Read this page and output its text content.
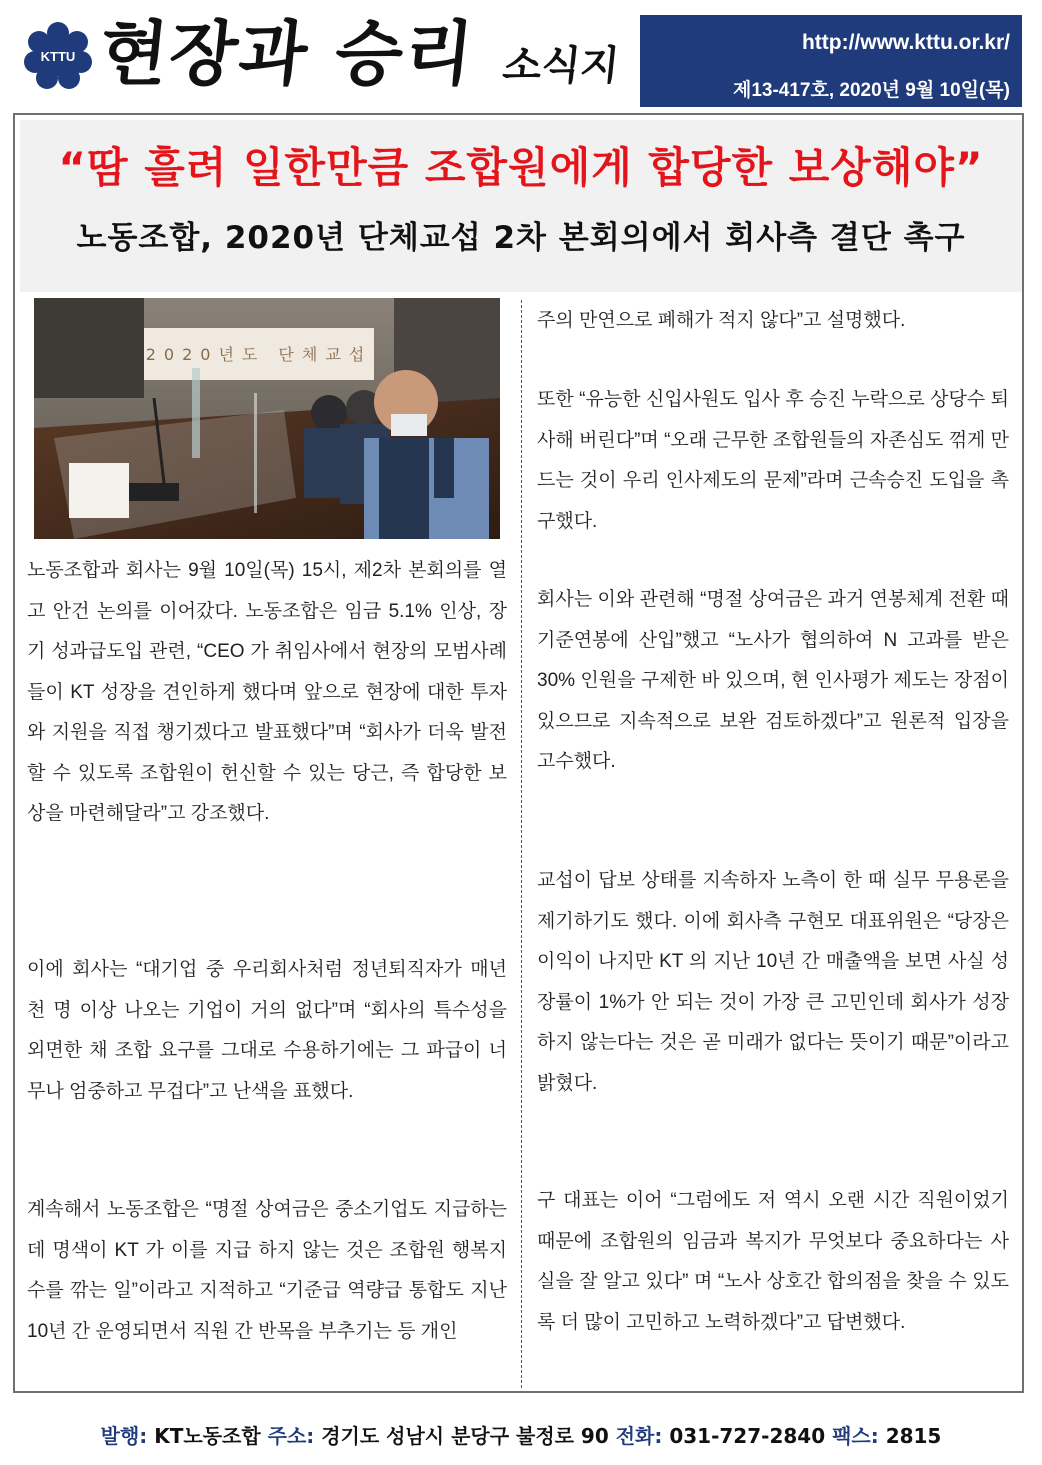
KTTU 현장과 승리 소식지	http://www.kttu.or.kr/
제13-417호, 2020년 9월 10일(목)
“땀 흘려 일한만큼 조합원에게 합당한 보상해야”
노동조합, 2020년 단체교섭 2차 본회의에서 회사측 결단 촉구
2020년도 단체교섭

노동조합과 회사는 9월 10일(목) 15시, 제2차 본회의를 열고 안건 논의를 이어갔다. 노동조합은 임금 5.1% 인상, 장기 성과급도입 관련, “CEO 가 취임사에서 현장의 모범사례들이 KT 성장을 견인하게 했다며 앞으로 현장에 대한 투자와 지원을 직접 챙기겠다고 발표했다”며 “회사가 더욱 발전할 수 있도록 조합원이 헌신할 수 있는 당근, 즉 합당한 보상을 마련해달라”고 강조했다.

이에 회사는 “대기업 중 우리회사처럼 정년퇴직자가 매년 천 명 이상 나오는 기업이 거의 없다”며 “회사의 특수성을 외면한 채 조합 요구를 그대로 수용하기에는 그 파급이 너무나 엄중하고 무겁다”고 난색을 표했다.

계속해서 노동조합은 “명절 상여금은 중소기업도 지급하는데 명색이 KT 가 이를 지급 하지 않는 것은 조합원 행복지수를 깎는 일”이라고 지적하고 “기준급 역량급 통합도 지난 10년 간 운영되면서 직원 간 반목을 부추기는 등 개인

주의 만연으로 폐해가 적지 않다”고 설명했다.

또한 “유능한 신입사원도 입사 후 승진 누락으로 상당수 퇴사해 버린다”며 “오래 근무한 조합원들의 자존심도 꺾게 만드는 것이 우리 인사제도의 문제”라며 근속승진 도입을 촉구했다.

회사는 이와 관련해 “명절 상여금은 과거 연봉체계 전환 때 기준연봉에 산입”했고 “노사가 협의하여 N 고과를 받은 30% 인원을 구제한 바 있으며, 현 인사평가 제도는 장점이 있으므로 지속적으로 보완 검토하겠다”고 원론적 입장을 고수했다.

교섭이 답보 상태를 지속하자 노측이 한 때 실무 무용론을 제기하기도 했다. 이에 회사측 구현모 대표위원은 “당장은 이익이 나지만 KT 의 지난 10년 간 매출액을 보면 사실 성장률이 1%가 안 되는 것이 가장 큰 고민인데 회사가 성장하지 않는다는 것은 곧 미래가 없다는 뜻이기 때문”이라고 밝혔다.

구 대표는 이어 “그럼에도 저 역시 오랜 시간 직원이었기 때문에 조합원의 임금과 복지가 무엇보다 중요하다는 사실을 잘 알고 있다” 며 “노사 상호간 합의점을 찾을 수 있도록 더 많이 고민하고 노력하겠다”고 답변했다.

발행: KT노동조합 주소: 경기도 성남시 분당구 불정로 90 전화: 031-727-2840 팩스: 2815
